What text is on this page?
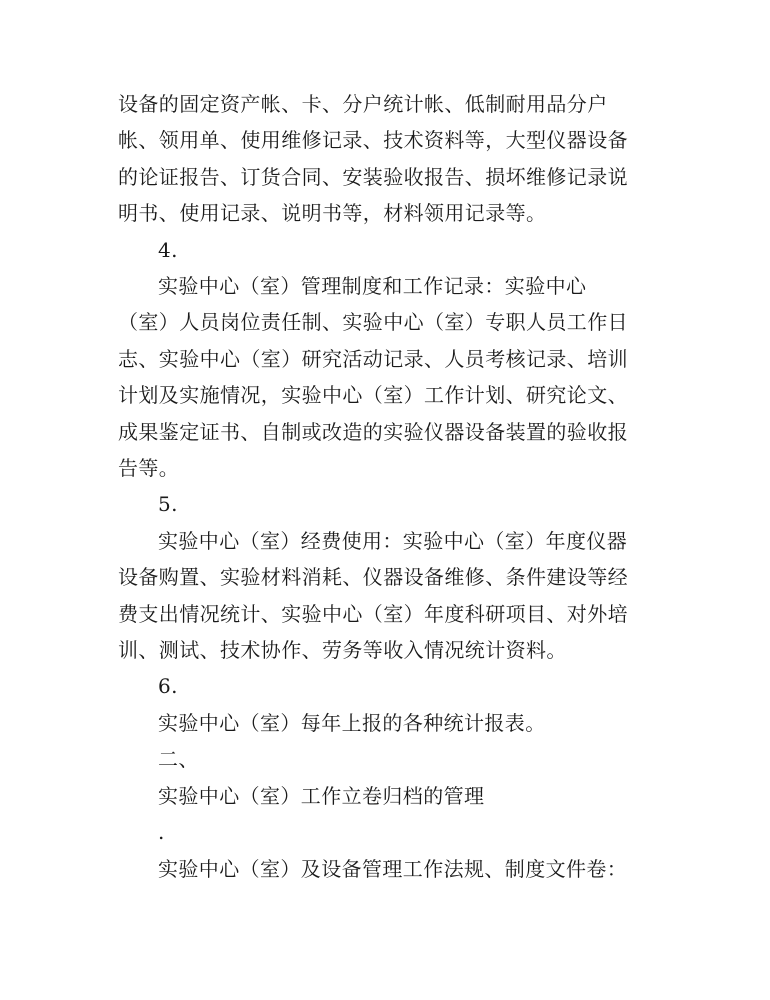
设备的固定资产帐、卡、分户统计帐、低制耐用品分户
帐、领用单、使用维修记录、技术资料等，大型仪器设备
的论证报告、订货合同、安装验收报告、损坏维修记录说
明书、使用记录、说明书等，材料领用记录等。
4.
实验中心（室）管理制度和工作记录：实验中心
（室）人员岗位责任制、实验中心（室）专职人员工作日
志、实验中心（室）研究活动记录、人员考核记录、培训
计划及实施情况，实验中心（室）工作计划、研究论文、
成果鉴定证书、自制或改造的实验仪器设备装置的验收报
告等。
5.
实验中心（室）经费使用：实验中心（室）年度仪器
设备购置、实验材料消耗、仪器设备维修、条件建设等经
费支出情况统计、实验中心（室）年度科研项目、对外培
训、测试、技术协作、劳务等收入情况统计资料。
6.
实验中心（室）每年上报的各种统计报表。
二、
实验中心（室）工作立卷归档的管理
.
实验中心（室）及设备管理工作法规、制度文件卷：
